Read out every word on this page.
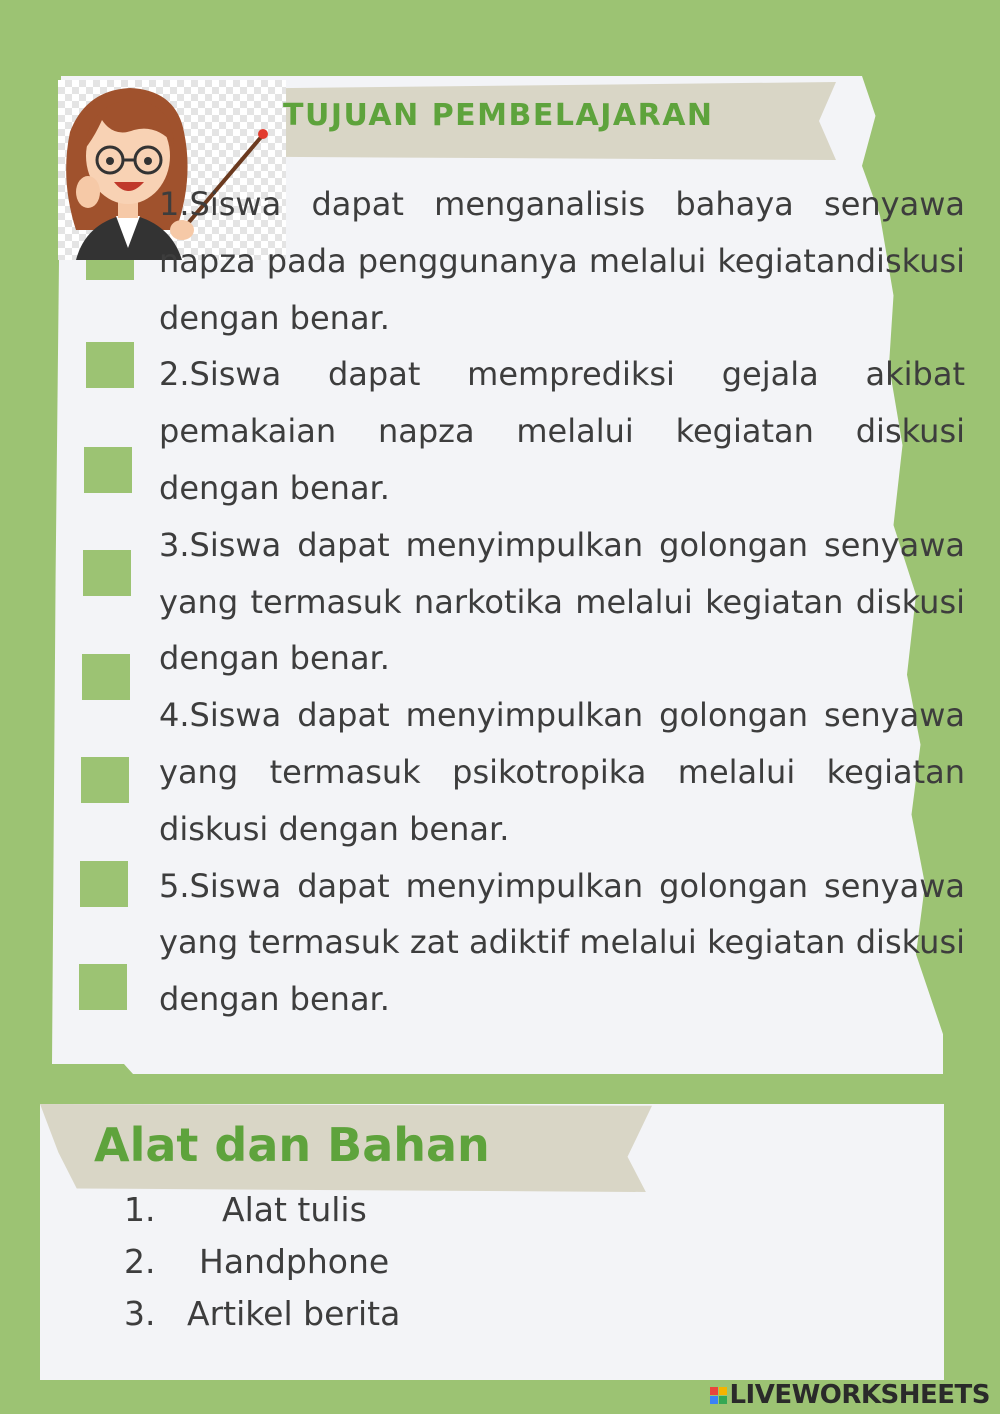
TUJUAN PEMBELAJARAN

1.Siswa dapat menganalisis bahaya senyawa napza pada penggunanya melalui kegiatandiskusi dengan benar.

2.Siswa dapat memprediksi gejala akibat pemakaian napza melalui kegiatan diskusi dengan benar.

3.Siswa dapat menyimpulkan golongan senyawa yang termasuk narkotika melalui kegiatan diskusi dengan benar.

4.Siswa dapat menyimpulkan golongan senyawa yang termasuk psikotropika melalui kegiatan diskusi dengan benar.

5.Siswa dapat menyimpulkan golongan senyawa yang termasuk zat adiktif melalui kegiatan diskusi dengan benar.

Alat dan Bahan
1. Alat tulis
2. Handphone
3. Artikel berita
LIVEWORKSHEETS
